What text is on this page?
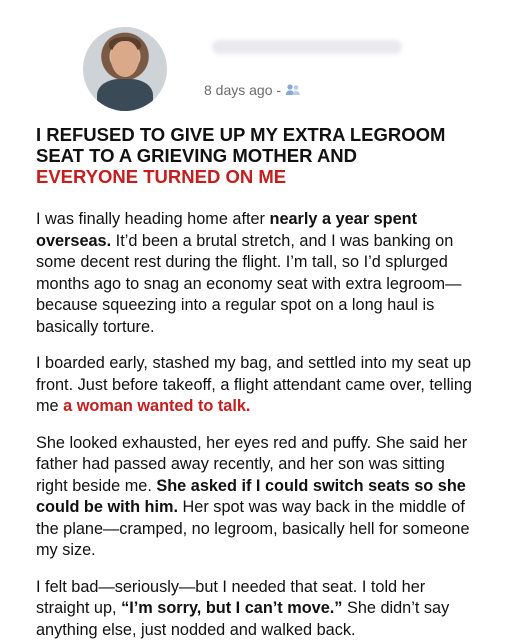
8 days ago -
I REFUSED TO GIVE UP MY EXTRA LEGROOM
SEAT TO A GRIEVING MOTHER AND
EVERYONE TURNED ON ME

I was finally heading home after nearly a year spent overseas. It’d been a brutal stretch, and I was banking on some decent rest during the flight. I’m tall, so I’d splurged months ago to snag an economy seat with extra legroom—because squeezing into a regular spot on a long haul is basically torture.

I boarded early, stashed my bag, and settled into my seat up front. Just before takeoff, a flight attendant came over, telling me a woman wanted to talk.

She looked exhausted, her eyes red and puffy. She said her father had passed away recently, and her son was sitting right beside me. She asked if I could switch seats so she could be with him. Her spot was way back in the middle of the plane—cramped, no legroom, basically hell for someone my size.

I felt bad—seriously—but I needed that seat. I told her straight up, “I’m sorry, but I can’t move.” She didn’t say anything else, just nodded and walked back.
